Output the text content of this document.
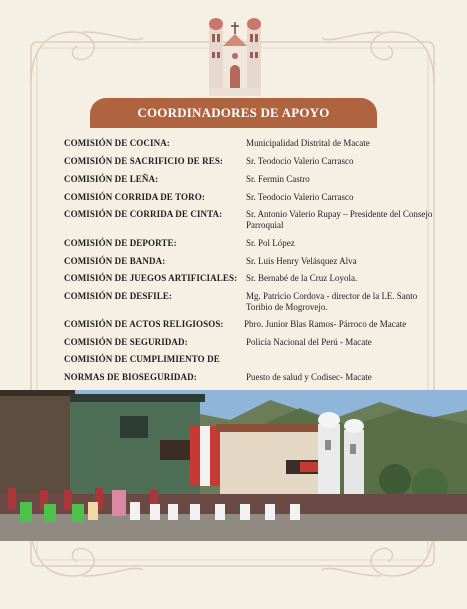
COORDINADORES DE APOYO
COMISIÓN DE COCINA:	Municipalidad Distrital de Macate
COMISIÓN DE SACRIFICIO DE RES:	Sr. Teodocio Valerio Carrasco
COMISIÓN DE LEÑA:	Sr. Fermin Castro
COMISIÓN CORRIDA DE TORO:	Sr. Teodocio Valerio Carrasco
COMISIÓN DE CORRIDA DE CINTA:	Sr. Antonio Valerio Rupay – Presidente del Consejo Parroquial
COMISIÓN DE DEPORTE:	Sr. Pol López
COMISIÓN DE BANDA:	Sr. Luis Henry Velásquez Alva
COMISIÓN DE JUEGOS ARTIFICIALES: Sr. Bernabé de la Cruz Loyola.
COMISIÓN DE DESFILE:	Mg. Patricio Cordova - director de la I.E. Santo Toribio de Mogrovejo.
COMISIÓN DE ACTOS RELIGIOSOS: Pbro. Junior Blas Ramos- Párroco de Macate
COMISIÓN DE SEGURIDAD:	Policía Nacional del Perú - Macate
COMISIÓN DE CUMPLIMIENTO DE
NORMAS DE BIOSEGURIDAD:	Puesto de salud y Codisec- Macate
